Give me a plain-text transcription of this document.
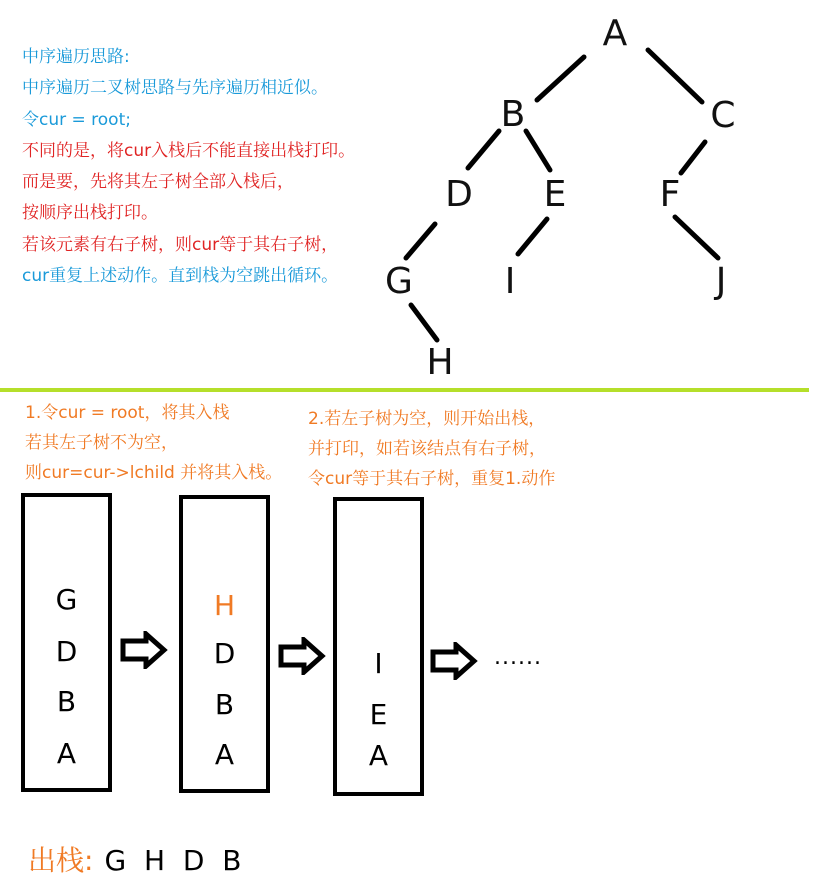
中序遍历思路:
中序遍历二叉树思路与先序遍历相近似。
令cur = root;
不同的是，将cur入栈后不能直接出栈打印。
而是要，先将其左子树全部入栈后，
按顺序出栈打印。
若该元素有右子树，则cur等于其右子树，
cur重复上述动作。直到栈为空跳出循环。
A
B	C
D E	F
G	I	J
H
1.令cur = root，将其入栈
若其左子树不为空，
则cur=cur->lchild 并将其入栈。
2.若左子树为空，则开始出栈，
并打印，如若该结点有右子树，
令cur等于其右子树，重复1.动作
G
D
B
A
H
D
B
A
I
E
A
......
出栈: G  H  D  B
